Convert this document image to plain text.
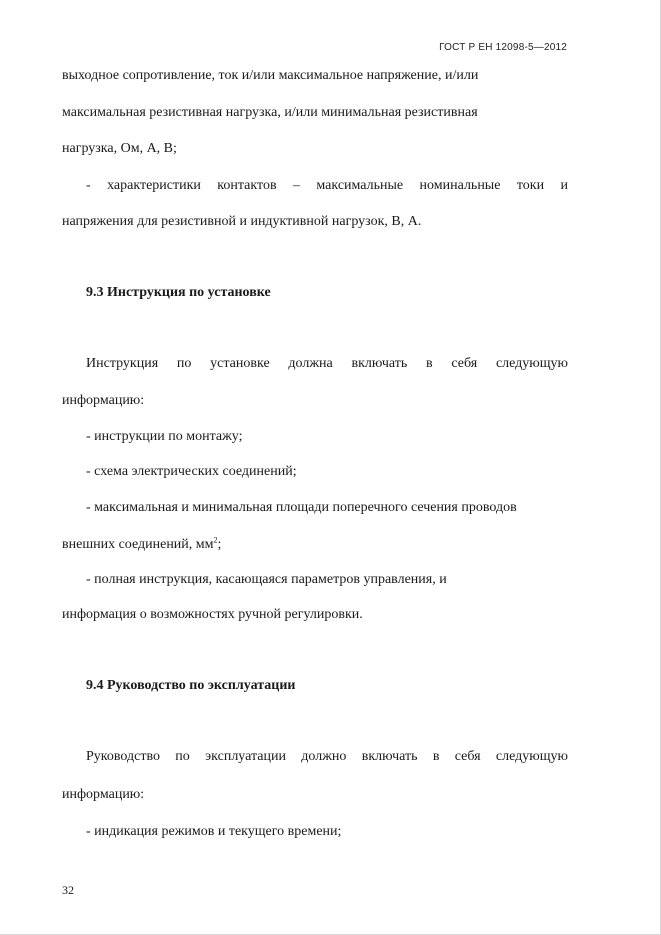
ГОСТ Р ЕН 12098-5—2012
выходное сопротивление, ток и/или максимальное напряжение, и/или
максимальная резистивная нагрузка, и/или минимальная резистивная
нагрузка, Ом, А, В;
- характеристики контактов – максимальные номинальные токи и
напряжения для резистивной и индуктивной нагрузок, В, А.
9.3 Инструкция по установке
Инструкция по установке должна включать в себя следующую
информацию:
- инструкции по монтажу;
- схема электрических соединений;
- максимальная и минимальная площади поперечного сечения проводов
внешних соединений, $мм^2$;
- полная инструкция, касающаяся параметров управления, и
информация о возможностях ручной регулировки.
9.4 Руководство по эксплуатации
Руководство по эксплуатации должно включать в себя следующую
информацию:
- индикация режимов и текущего времени;
32
